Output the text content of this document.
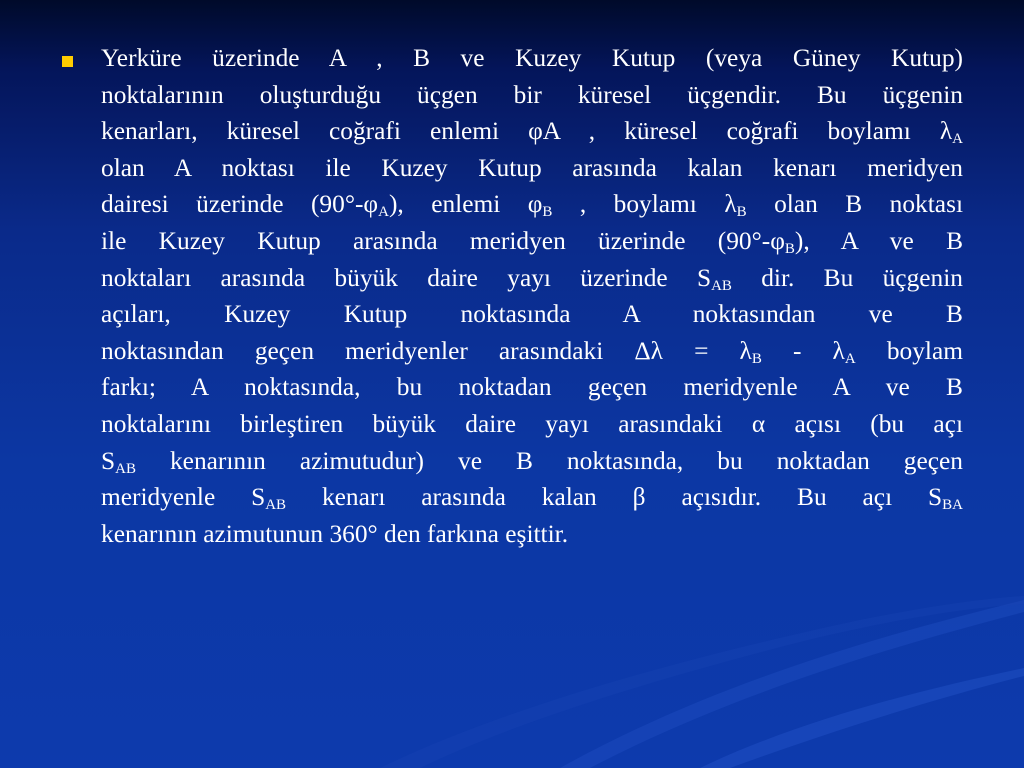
Yerküre üzerinde A , B ve Kuzey Kutup (veya Güney Kutup)
noktalarının oluşturduğu üçgen bir küresel üçgendir. Bu üçgenin
kenarları, küresel coğrafi enlemi φA , küresel coğrafi boylamı $\lambda_A$
olan A noktası ile Kuzey Kutup arasında kalan kenarı meridyen
dairesi üzerinde $(90^\circ-\varphi_A)$, enlemi $\varphi_B$ , boylamı $\lambda_B$ olan B noktası
ile Kuzey Kutup arasında meridyen üzerinde $(90^\circ-\varphi_B)$, A ve B
noktaları arasında büyük daire yayı üzerinde $S_{AB}$ dir. Bu üçgenin
açıları, Kuzey Kutup noktasında A noktasından ve B
noktasından geçen meridyenler arasındaki $\Delta\lambda = \lambda_B - \lambda_A$ boylam
farkı; A noktasında, bu noktadan geçen meridyenle A ve B
noktalarını birleştiren büyük daire yayı arasındaki α açısı (bu açı
$S_{AB}$ kenarının azimutudur) ve B noktasında, bu noktadan geçen
meridyenle $S_{AB}$ kenarı arasında kalan β açısıdır. Bu açı $S_{BA}$
kenarının azimutunun 360° den farkına eşittir.
